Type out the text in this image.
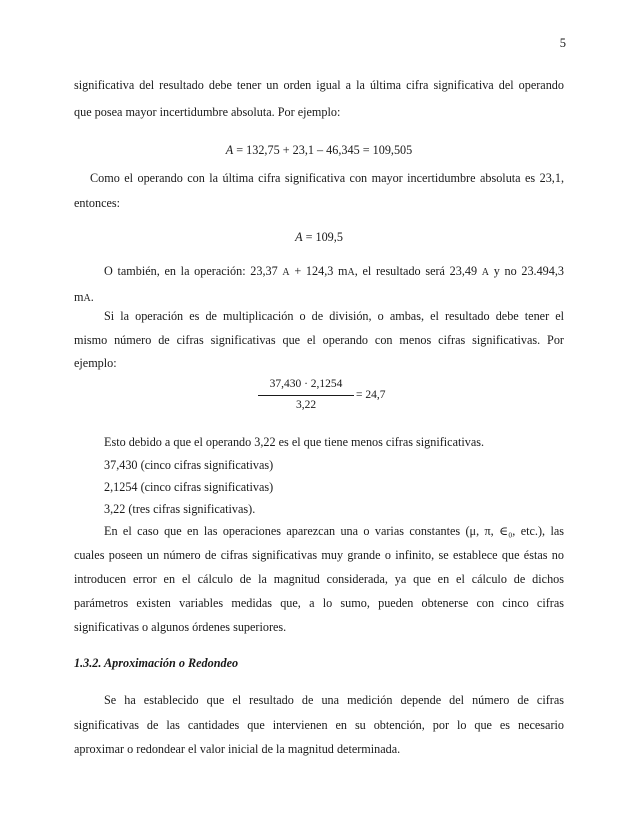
5
significativa del resultado debe tener un orden igual a la última cifra significativa del operando
que posea mayor incertidumbre absoluta. Por ejemplo:
A = 132,75 + 23,1 – 46,345 = 109,505
Como el operando con la última cifra significativa con mayor incertidumbre absoluta es 23,1,
entonces:
A = 109,5
O también, en la operación: 23,37 A + 124,3 mA, el resultado será 23,49 A y no 23.494,3
mA.
Si la operación es de multiplicación o de división, o ambas, el resultado debe tener el
mismo número de cifras significativas que el operando con menos cifras significativas. Por
ejemplo:
37,430 · 2,1254
3,22
= 24,7
Esto debido a que el operando 3,22 es el que tiene menos cifras significativas.
37,430 (cinco cifras significativas)
2,1254 (cinco cifras significativas)
3,22 (tres cifras significativas).
En el caso que en las operaciones aparezcan una o varias constantes (μ, π, ∈₀, etc.), las
cuales poseen un número de cifras significativas muy grande o infinito, se establece que éstas no
introducen error en el cálculo de la magnitud considerada, ya que en el cálculo de dichos
parámetros existen variables medidas que, a lo sumo, pueden obtenerse con cinco cifras
significativas o algunos órdenes superiores.
1.3.2. Aproximación o Redondeo
Se ha establecido que el resultado de una medición depende del número de cifras
significativas de las cantidades que intervienen en su obtención, por lo que es necesario
aproximar o redondear el valor inicial de la magnitud determinada.
